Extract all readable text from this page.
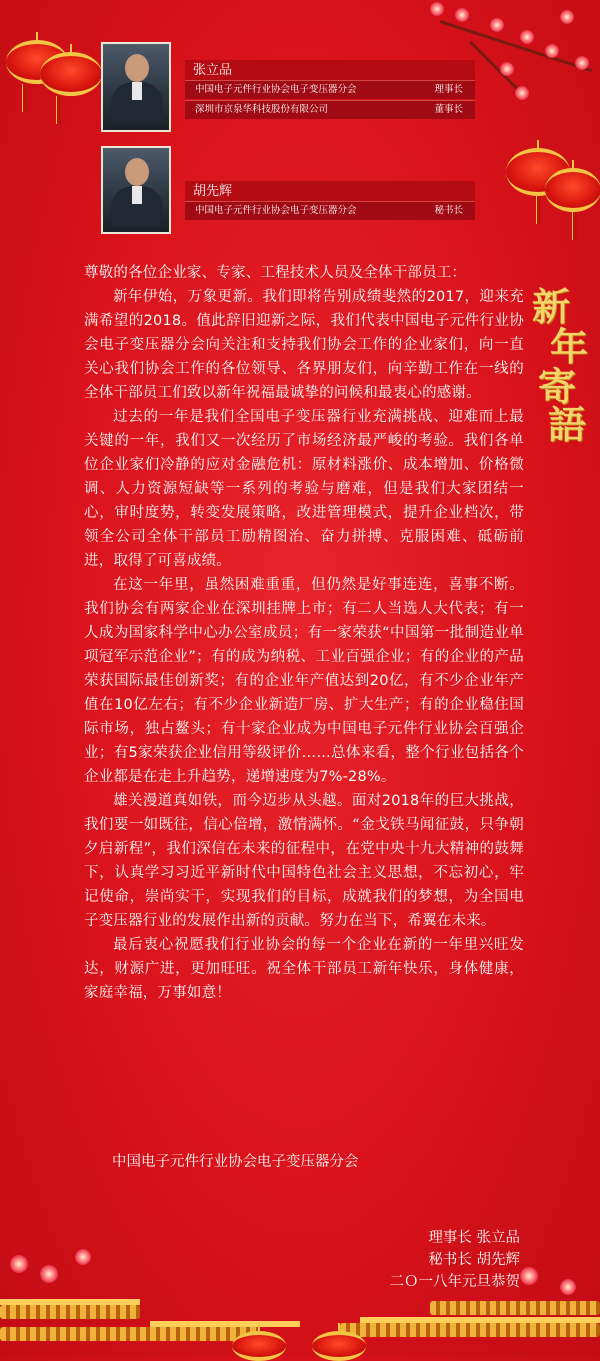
张立品
中国电子元件行业协会电子变压器分会	理事长
深圳市京泉华科技股份有限公司	董事长
胡先辉
中国电子元件行业协会电子变压器分会	秘书长
新
年
寄
語

尊敬的各位企业家、专家、工程技术人员及全体干部员工：

新年伊始，万象更新。我们即将告别成绩斐然的2017，迎来充满希望的2018。值此辞旧迎新之际，我们代表中国电子元件行业协会电子变压器分会向关注和支持我们协会工作的企业家们，向一直关心我们协会工作的各位领导、各界朋友们，向辛勤工作在一线的全体干部员工们致以新年祝福最诚挚的问候和最衷心的感谢。

过去的一年是我们全国电子变压器行业充满挑战、迎难而上最关键的一年，我们又一次经历了市场经济最严峻的考验。我们各单位企业家们冷静的应对金融危机：原材料涨价、成本增加、价格微调、人力资源短缺等一系列的考验与磨难，但是我们大家团结一心，审时度势，转变发展策略，改进管理模式，提升企业档次，带领全公司全体干部员工励精图治、奋力拼搏、克服困难、砥砺前进，取得了可喜成绩。

在这一年里，虽然困难重重，但仍然是好事连连，喜事不断。我们协会有两家企业在深圳挂牌上市；有二人当选人大代表；有一人成为国家科学中心办公室成员；有一家荣获“中国第一批制造业单项冠军示范企业”；有的成为纳税、工业百强企业；有的企业的产品荣获国际最佳创新奖；有的企业年产值达到20亿，有不少企业年产值在10亿左右；有不少企业新造厂房、扩大生产；有的企业稳住国际市场，独占鳌头；有十家企业成为中国电子元件行业协会百强企业；有5家荣获企业信用等级评价……总体来看，整个行业包括各个企业都是在走上升趋势，递增速度为7%-28%。

雄关漫道真如铁，而今迈步从头越。面对2018年的巨大挑战，我们要一如既往，信心倍增，激情满怀。“金戈铁马闻征鼓，只争朝夕启新程”，我们深信在未来的征程中，在党中央十九大精神的鼓舞下，认真学习习近平新时代中国特色社会主义思想，不忘初心，牢记使命，崇尚实干，实现我们的目标，成就我们的梦想，为全国电子变压器行业的发展作出新的贡献。努力在当下，希翼在未来。

最后衷心祝愿我们行业协会的每一个企业在新的一年里兴旺发达，财源广进，更加旺旺。祝全体干部员工新年快乐，身体健康，家庭幸福，万事如意！

中国电子元件行业协会电子变压器分会
理事长 张立品
秘书长 胡先辉
二Ｏ一八年元旦恭贺
